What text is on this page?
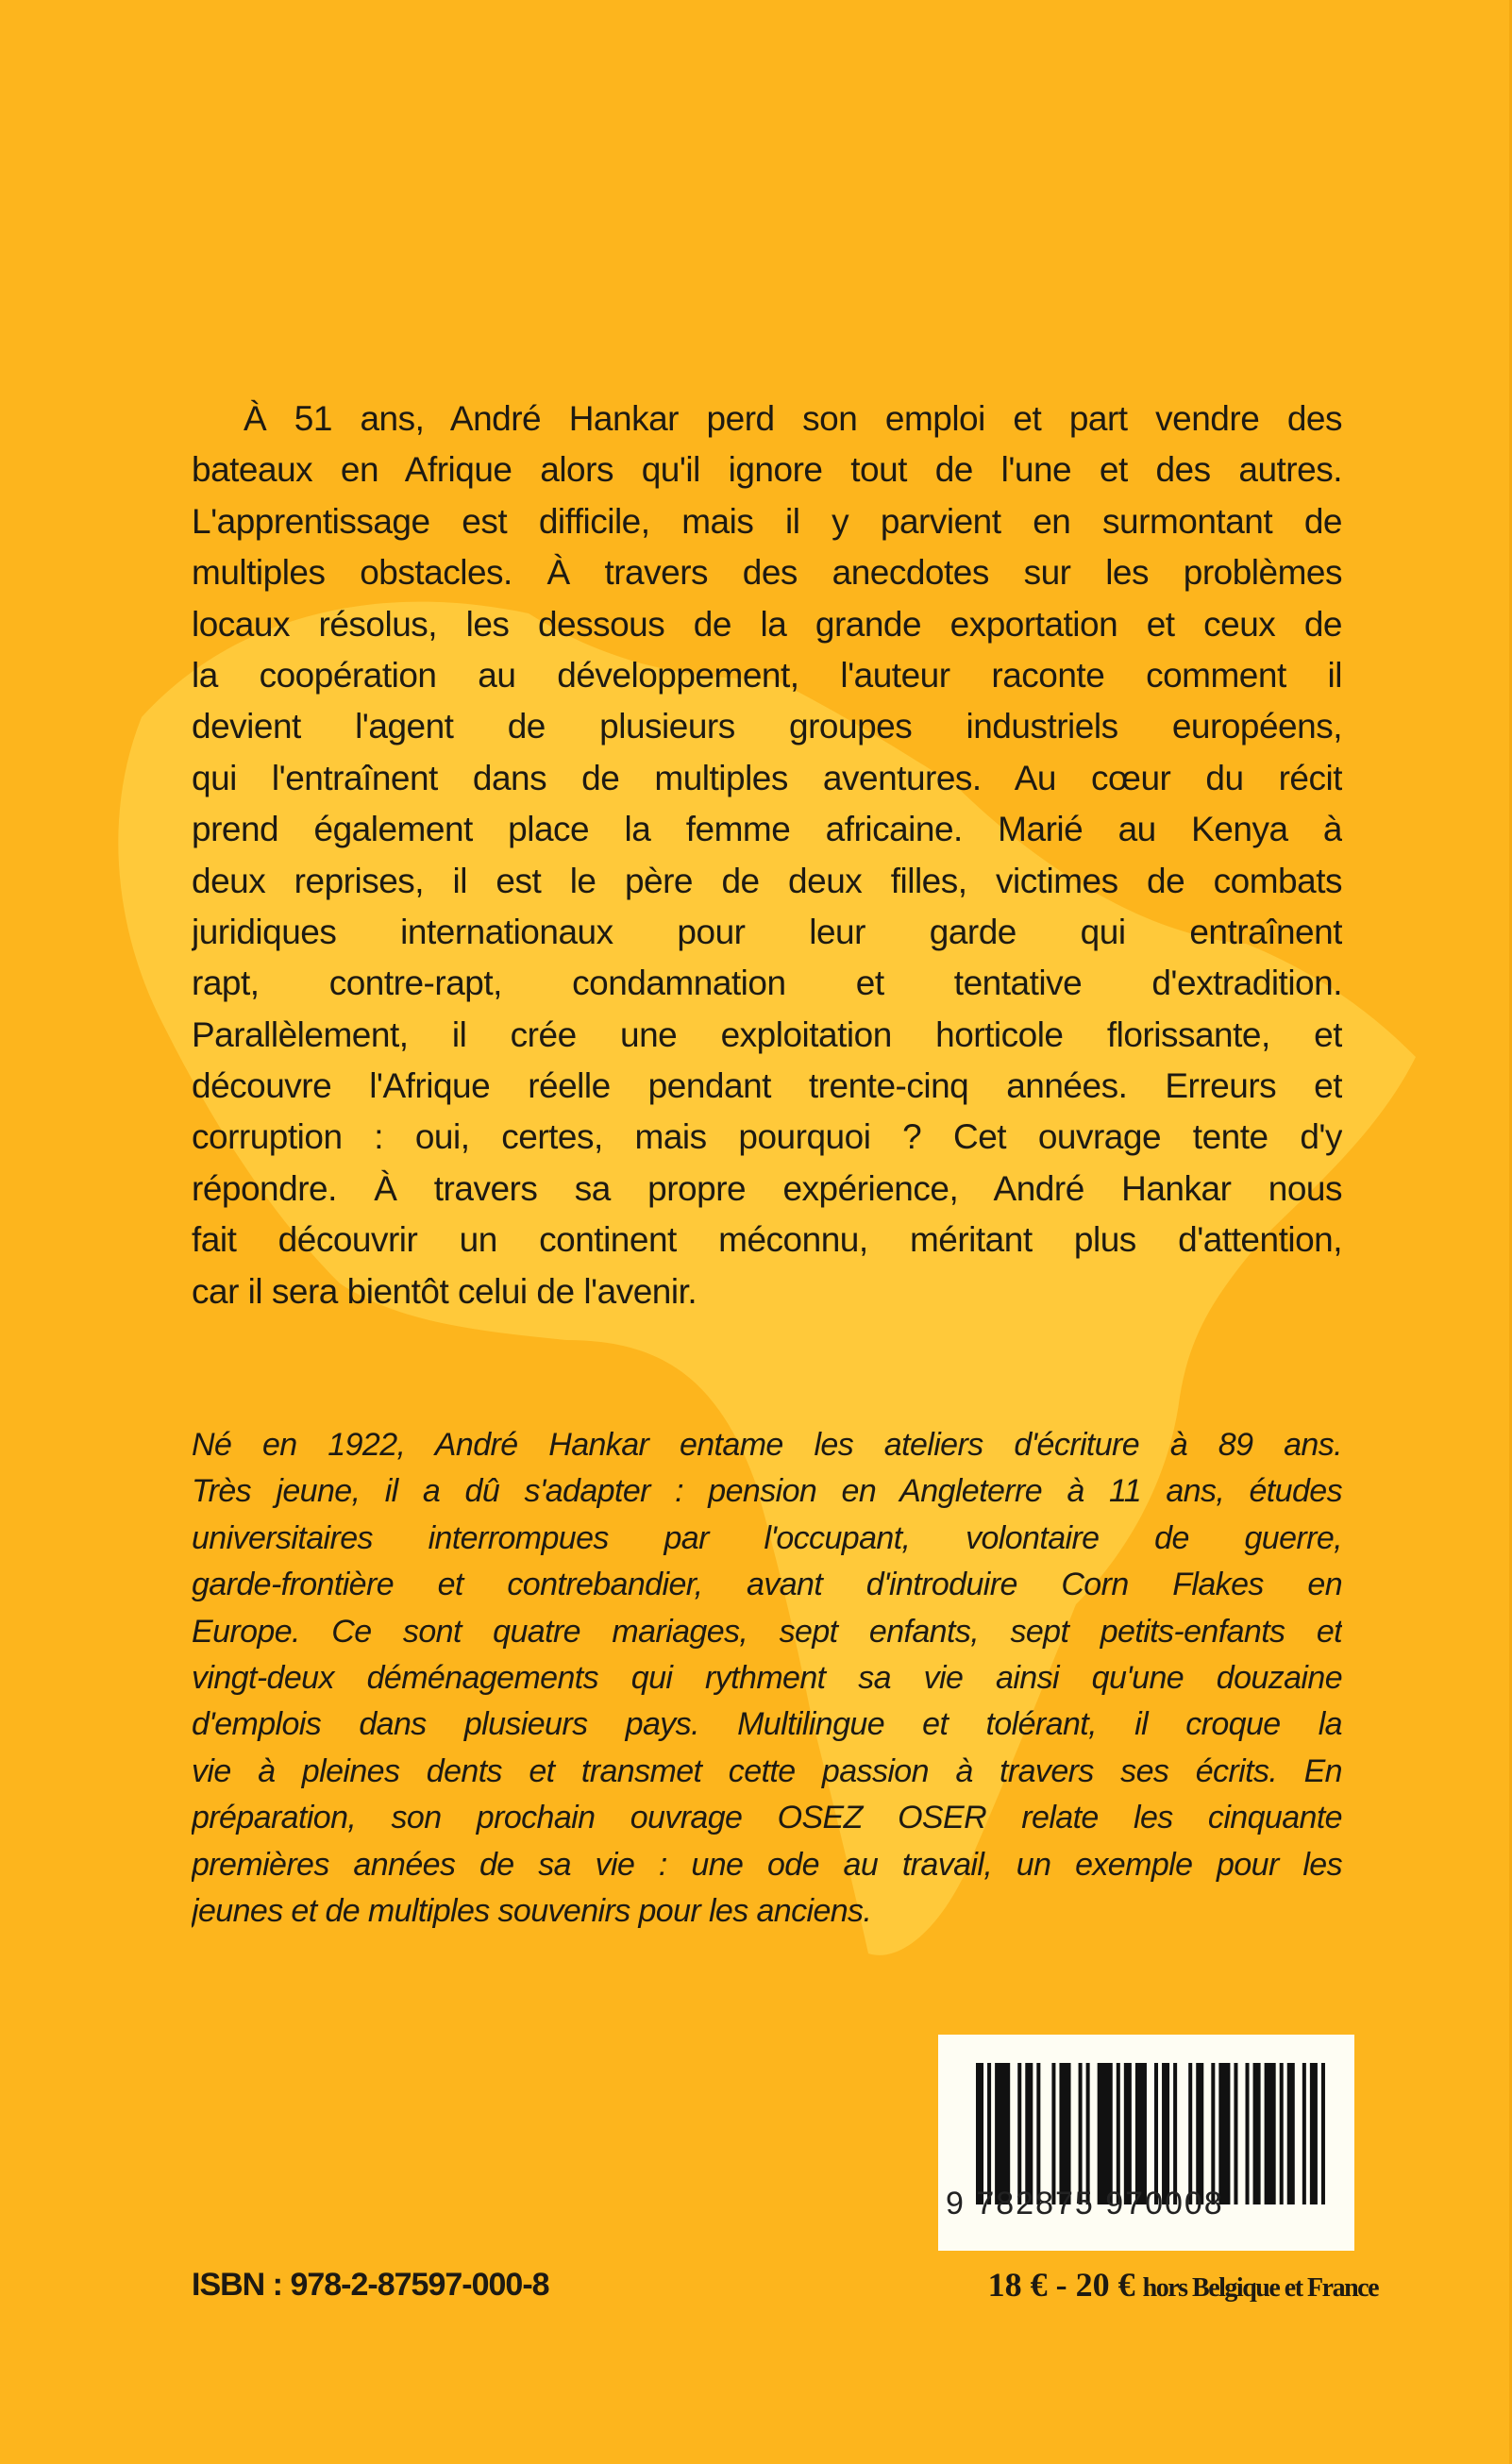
À 51 ans, André Hankar perd son emploi et part vendre des
bateaux en Afrique alors qu'il ignore tout de l'une et des autres.
L'apprentissage est difficile, mais il y parvient en surmontant de
multiples obstacles. À travers des anecdotes sur les problèmes
locaux résolus, les dessous de la grande exportation et ceux de
la coopération au développement, l'auteur raconte comment il
devient l'agent de plusieurs groupes industriels européens,
qui l'entraînent dans de multiples aventures. Au cœur du récit
prend également place la femme africaine. Marié au Kenya à
deux reprises, il est le père de deux filles, victimes de combats
juridiques internationaux pour leur garde qui entraînent
rapt, contre-rapt, condamnation et tentative d'extradition.
Parallèlement, il crée une exploitation horticole florissante, et
découvre l'Afrique réelle pendant trente-cinq années. Erreurs et
corruption : oui, certes, mais pourquoi ? Cet ouvrage tente d'y
répondre. À travers sa propre expérience, André Hankar nous
fait découvrir un continent méconnu, méritant plus d'attention,
car il sera bientôt celui de l'avenir.
Né en 1922, André Hankar entame les ateliers d'écriture à 89 ans.
Très jeune, il a dû s'adapter : pension en Angleterre à 11 ans, études
universitaires interrompues par l'occupant, volontaire de guerre,
garde-frontière et contrebandier, avant d'introduire Corn Flakes en
Europe. Ce sont quatre mariages, sept enfants, sept petits-enfants et
vingt-deux déménagements qui rythment sa vie ainsi qu'une douzaine
d'emplois dans plusieurs pays. Multilingue et tolérant, il croque la
vie à pleines dents et transmet cette passion à travers ses écrits. En
préparation, son prochain ouvrage OSEZ OSER relate les cinquante
premières années de sa vie : une ode au travail, un exemple pour les
jeunes et de multiples souvenirs pour les anciens.
9 782875 970008
ISBN : 978-2-87597-000-8	18 € - 20 € hors Belgique et France
